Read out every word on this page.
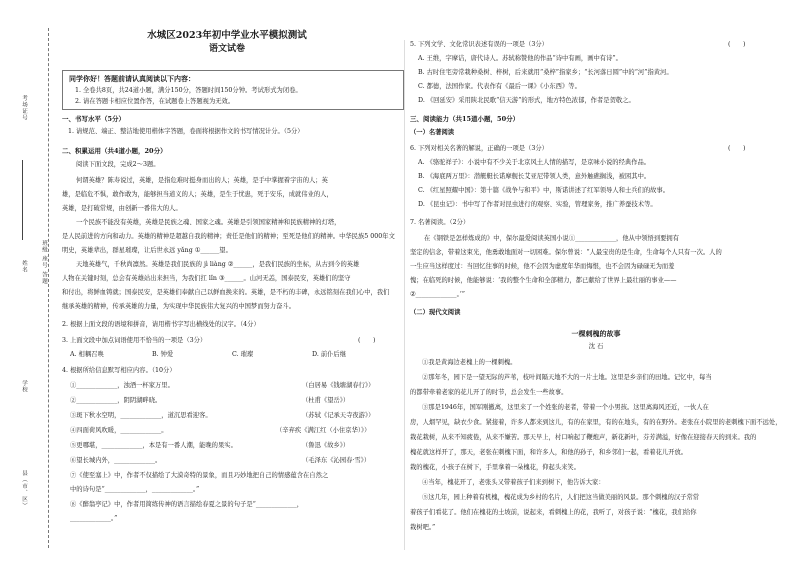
考场证号
姓名	班级 座号 答题
学校
县（市、区）
水城区2023年初中学业水平模拟测试
语文试卷
同学你好！答题前请认真阅读以下内容：
1. 全卷共8页，共24道小题，满分150分，答题时间150分钟。考试形式为闭卷。
2. 请在答题卡相应位置作答，在试题卷上答题视为无效。
一、书写水平（5分）
1. 请规范、端正、整洁地使用楷体字答题，卷面将根据作文的书写情况计分。（5分）
二、积累运用（共4道小题，20分）
阅读下面文段，完成2～3题。
何谓英雄？陈寿说过，英雄，是指危难时挺身而出的人；英雄，是手中掌握着宇宙的人；英
雄，是临危不惧，敢作敢为，能够担当道义的人；英雄，是生于忧患，死于安乐，成就伟业的人，
英雄，是打破常规，由创新一番伟大的人。
一个民族不能没有英雄，英雄是民族之魂、国家之魂。英雄是引领国家精神和民族精神的灯塔，
是人民前进的方向和动力。英雄的精神是超越自我的精神；责任是他们的精神；至死是他们的精神。中华民族5 000年文
明史，英雄辈出，群星璀璨，让后世永远 yǎng ①______望。
天地英雄气，千秋尚凛然。英雄是我们民族的 jì liàng ②______，是我们民族的坐标，从古到今的英雄
人物在关键时刻，总会有英雄站出来担当，为我们扛 lǐn ③______。山河无恙，国泰民安，英雄们的坚守
和付出，将鲜血铸就；国泰民安，是英雄们奉献自己以鲜血换来的。英雄，是不朽的丰碑，永远铭刻在我们心中，我们
继承英雄的精神，传承英雄的力量，为实现中华民族伟大复兴的中国梦而努力奋斗。
2. 根据上面文段的语境和拼音，请用楷书字写出横线处的汉字。（4分）
3. 上面文段中加点词语使用不恰当的一项是（3分）	(　　)
A. 相耦召唤	B. 钟爱	C. 璀璨	D. 前仆后继
4. 根据所给信息默写相应内容。（10分）
①_____________，浊酒一杯家万里。	（白居易《钱塘湖春行》）
②_____________，阴阴湖畔晓。	（杜甫《望岳》）
③斑下秋水空明，_____________，道沉思看迎客。	（苏轼《记承天寺夜游》）
④四面荷风吹暖，_____________。	（辛弃疾《满江红（小住京华）》）
⑤更哪堪，_____________，本是有一番人潮，能晚的果实。	（鲁迅《故乡》）
⑥望长城内外，_____________。	（毛泽东《沁园春·雪》）
⑦《使至塞上》中，作者不仅描绘了大漠奇特的景象，而且巧妙地把自己的情感蕴含在自然之
中的诗句是“_____________，_____________。”
⑧《醉翁亭记》中，作者用简练传神的语言描绘春夏之景的句子是“_____________，
_____________。”
5. 下列文学、文化常识表述有误的一项是（3分）	(　　)
A. 王维，字摩诘，唐代诗人。苏轼称赞他的作品“诗中有画，画中有诗”。
B. 古时住宅旁常栽种桑树、梓树，后来就用“桑梓”指家乡；“长河落日圆”中的“河”指黄河。
C. 都德，法国作家。代表作有《最后一课》《小东西》等。
D. 《回延安》采用陕北民歌“信天游”的形式，地方特色浓郁，作者是贺敬之。
三、阅读能力（共15道小题，50分）
（一）名著阅读
6. 下列对相关名著的解说，正确的一项是（3分）	(　　)
A. 《骆驼祥子》：小说中有不少关于北京风土人情的描写，是京味小说的经典作品。
B. 《海底两万里》：潜艇艇长诺摩舰长艾亚尼带领人类，意外触礁搁浅，被困其中。
C. 《红星照耀中国》：第十篇《战争与和平》中，斯诺讲述了红军领导人和士兵们的故事。
D. 《昆虫记》：书中写了作者对昆虫进行的观察、实验，管理家务，推广养蚕技术等。
7. 名著阅读。（2分）
在《钢铁是怎样炼成的》中，保尔最爱阅读英国小说①_____________，他从中领悟到要拥有
坚定的信念，带着这束光，他勇敢地面对一切困难。保尔曾说：“人最宝贵的是生命，生命每个人只有一次。人的
一生应当这样度过：当回忆往事的时候，他不会因为虚度年华而悔恨，也不会因为碌碌无为而羞
愧；在临死的时候，他能够说：‘我的整个生命和全部精力，都已献给了世界上最壮丽的事业——
②_____________。’”
（二）现代文阅读
一棵刺槐的故事
沈 石
①我是黄海边老槐上的一棵刺槐。
②那年冬，园下是一望无际的芦苇，枝叶间隔天地不大的一片土地。这里是乡亲们的田地。记忆中，每当
的都带牵着老家的花儿开了的时节，总会发生一些故事。
③那是1946年，国军刚撤离，这里来了一个姓张的老者，带着一个小男孩。这里离海风还近，一伙人在
房，人烟罕见，缺衣少食。紧接着，许多人都来到这儿，有的在家里，有的在地头，有的在野外。老张在小院里的老刺槐下面不远处，
栽花栽树，从来不知疲倦，从来不嫌苦。那天早上，村口响起了鞭炮声，新花新叶，芬芳满溢，好像在迎接春天的到来。我的
槐花就这样开了，那天，老张在刺槐下面，和许多人，和他的孙子，和乡邻们一起，看着花儿开放。
栽的槐花，小孩子在树下，手里拿着一朵槐花，仰起头来笑。
④当年，槐花开了，老张头又带着孩子们来到树下，他告诉大家：
⑤这几年，园上种着有机槐，槐花成为乡村的名片，人们把这当做美丽的风景。那个刺槐的汉子常常
着孩子们看花了。他们在槐花的土坡前，说起来，看刺槐上的花，我听了，对孩子说：“槐花，我们给你
栽树吧。”
